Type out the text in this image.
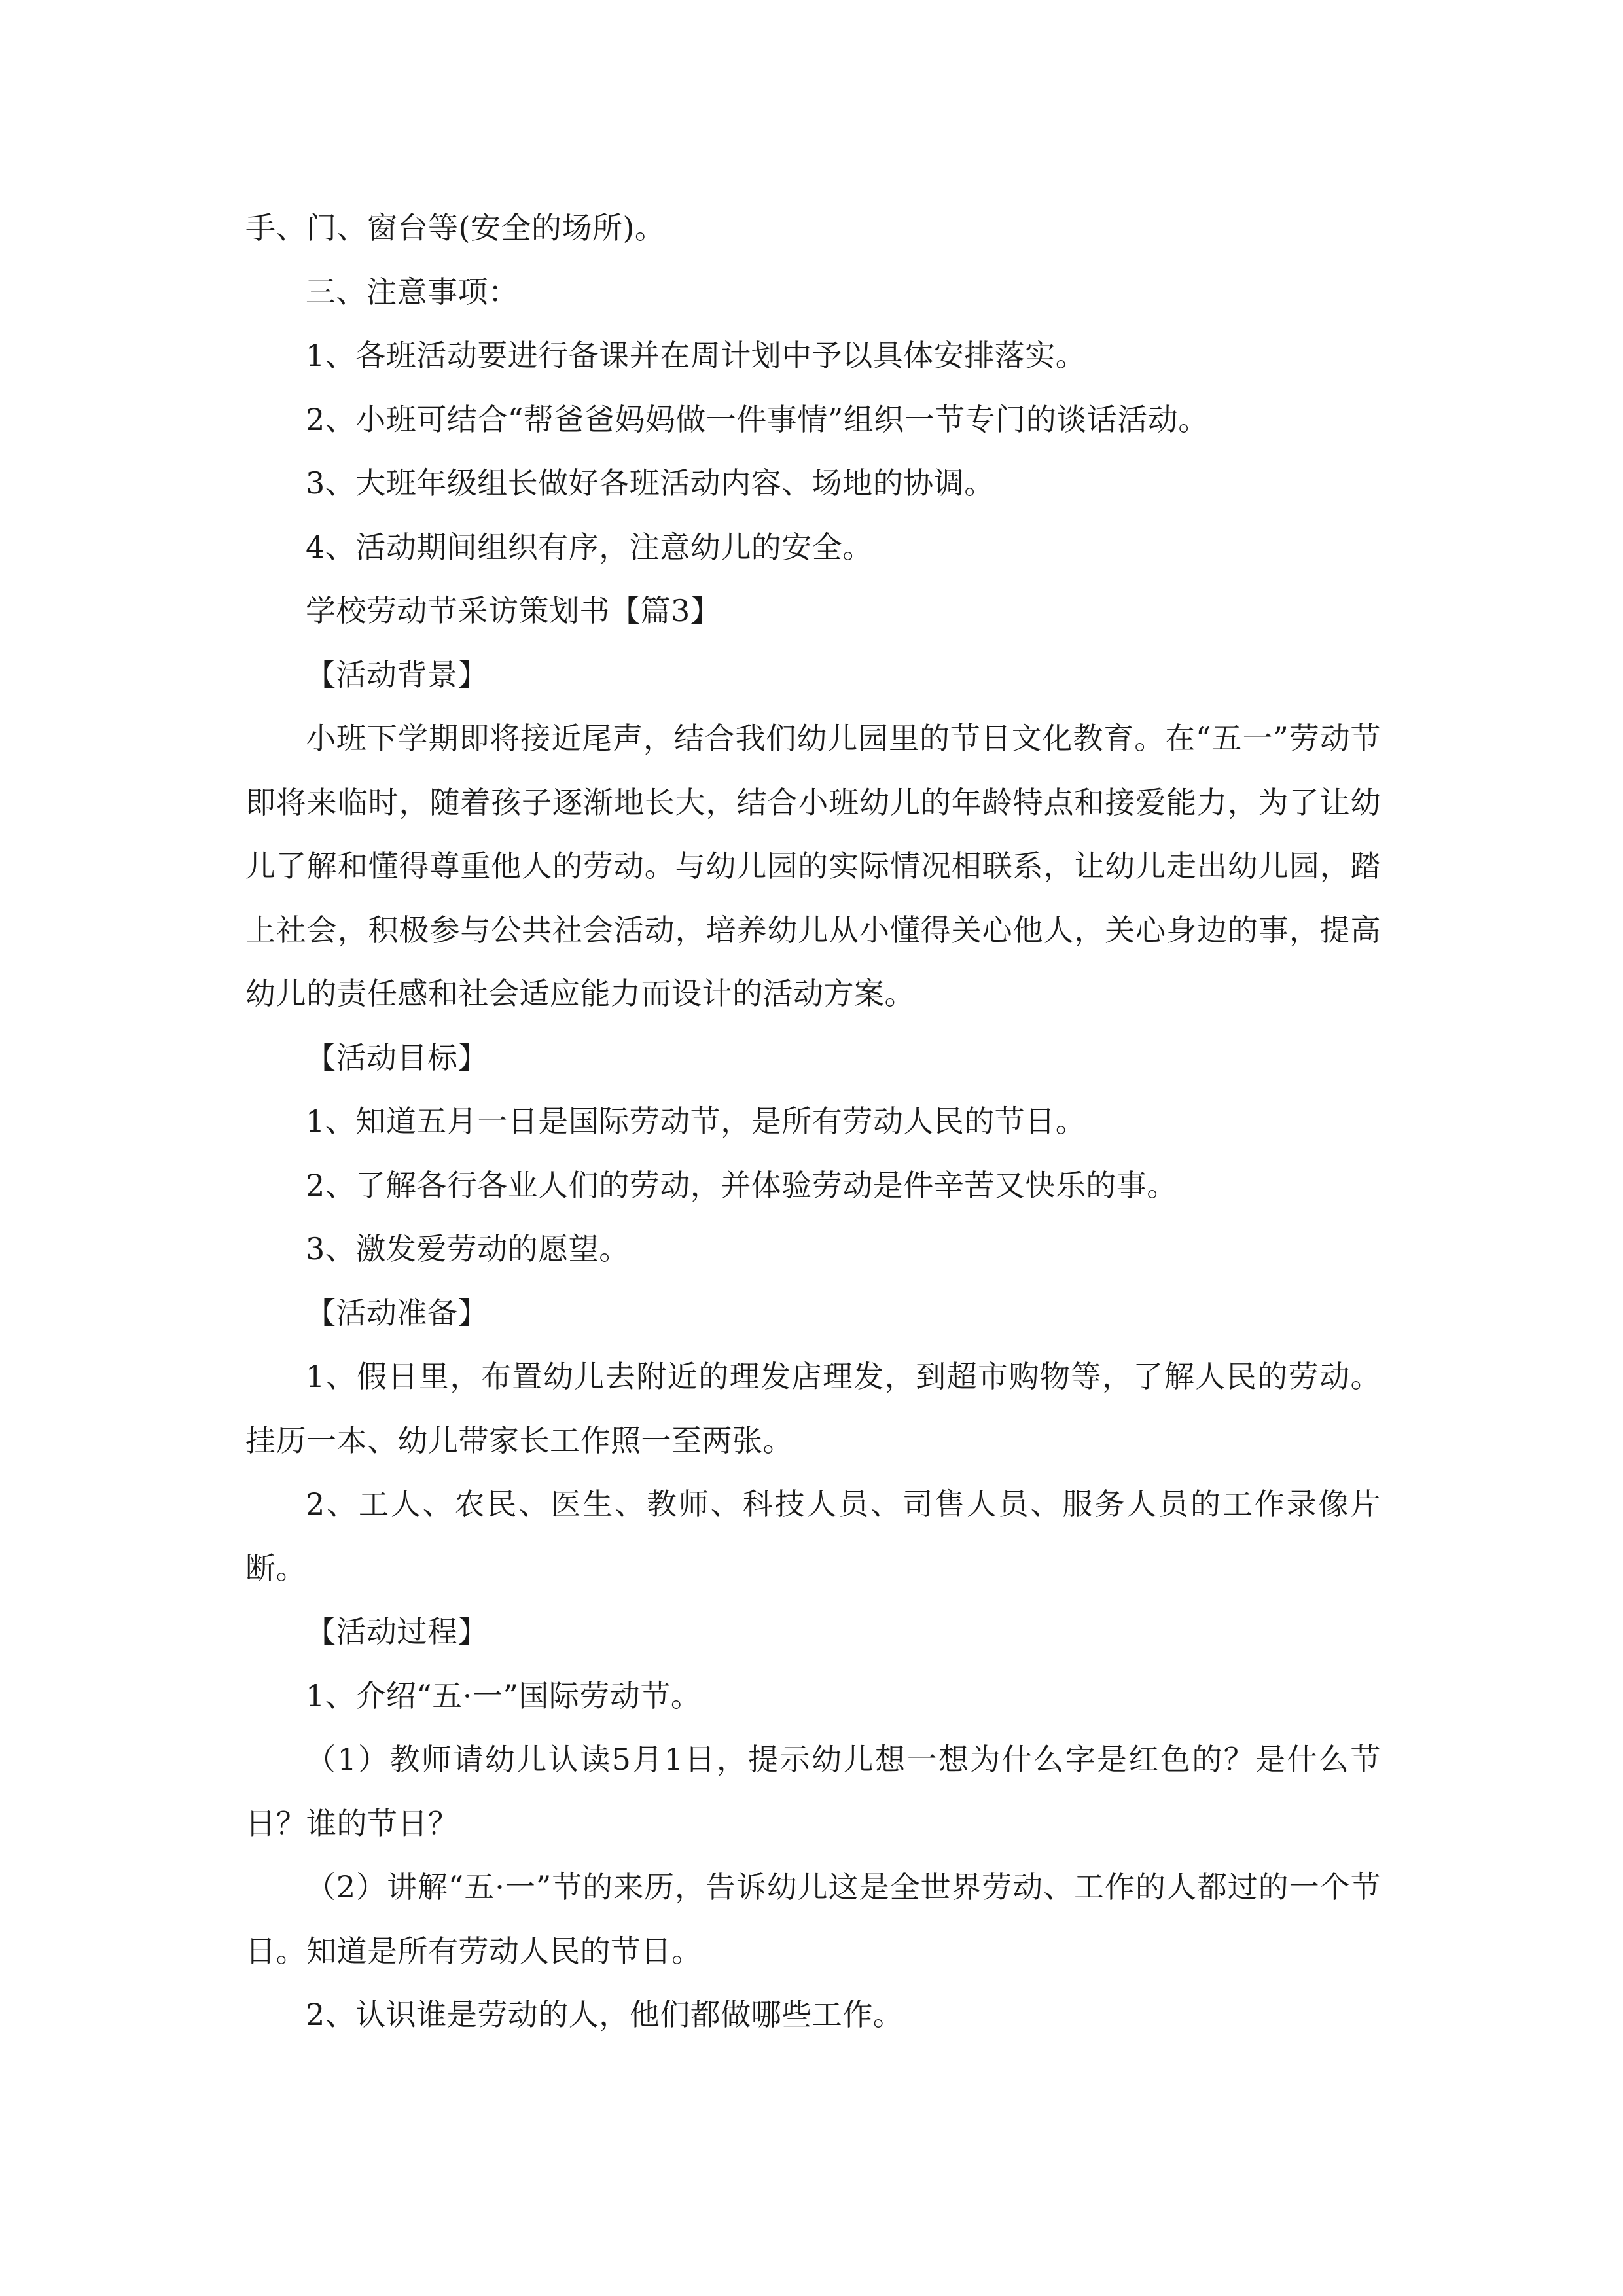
手、门、窗台等(安全的场所)。

三、注意事项：

1、各班活动要进行备课并在周计划中予以具体安排落实。

2、小班可结合“帮爸爸妈妈做一件事情”组织一节专门的谈话活动。

3、大班年级组长做好各班活动内容、场地的协调。

4、活动期间组织有序，注意幼儿的安全。

学校劳动节采访策划书【篇3】

【活动背景】

小班下学期即将接近尾声，结合我们幼儿园里的节日文化教育。在“五一”劳动节即将来临时，随着孩子逐渐地长大，结合小班幼儿的年龄特点和接爱能力，为了让幼儿了解和懂得尊重他人的劳动。与幼儿园的实际情况相联系，让幼儿走出幼儿园，踏上社会，积极参与公共社会活动，培养幼儿从小懂得关心他人，关心身边的事，提高幼儿的责任感和社会适应能力而设计的活动方案。

【活动目标】

1、知道五月一日是国际劳动节，是所有劳动人民的节日。

2、了解各行各业人们的劳动，并体验劳动是件辛苦又快乐的事。

3、激发爱劳动的愿望。

【活动准备】

1、假日里，布置幼儿去附近的理发店理发，到超市购物等，了解人民的劳动。挂历一本、幼儿带家长工作照一至两张。

2、工人、农民、医生、教师、科技人员、司售人员、服务人员的工作录像片断。

【活动过程】

1、介绍“五·一”国际劳动节。

（1）教师请幼儿认读5月1日，提示幼儿想一想为什么字是红色的？是什么节日？谁的节日？

（2）讲解“五·一”节的来历，告诉幼儿这是全世界劳动、工作的人都过的一个节日。知道是所有劳动人民的节日。

2、认识谁是劳动的人，他们都做哪些工作。
